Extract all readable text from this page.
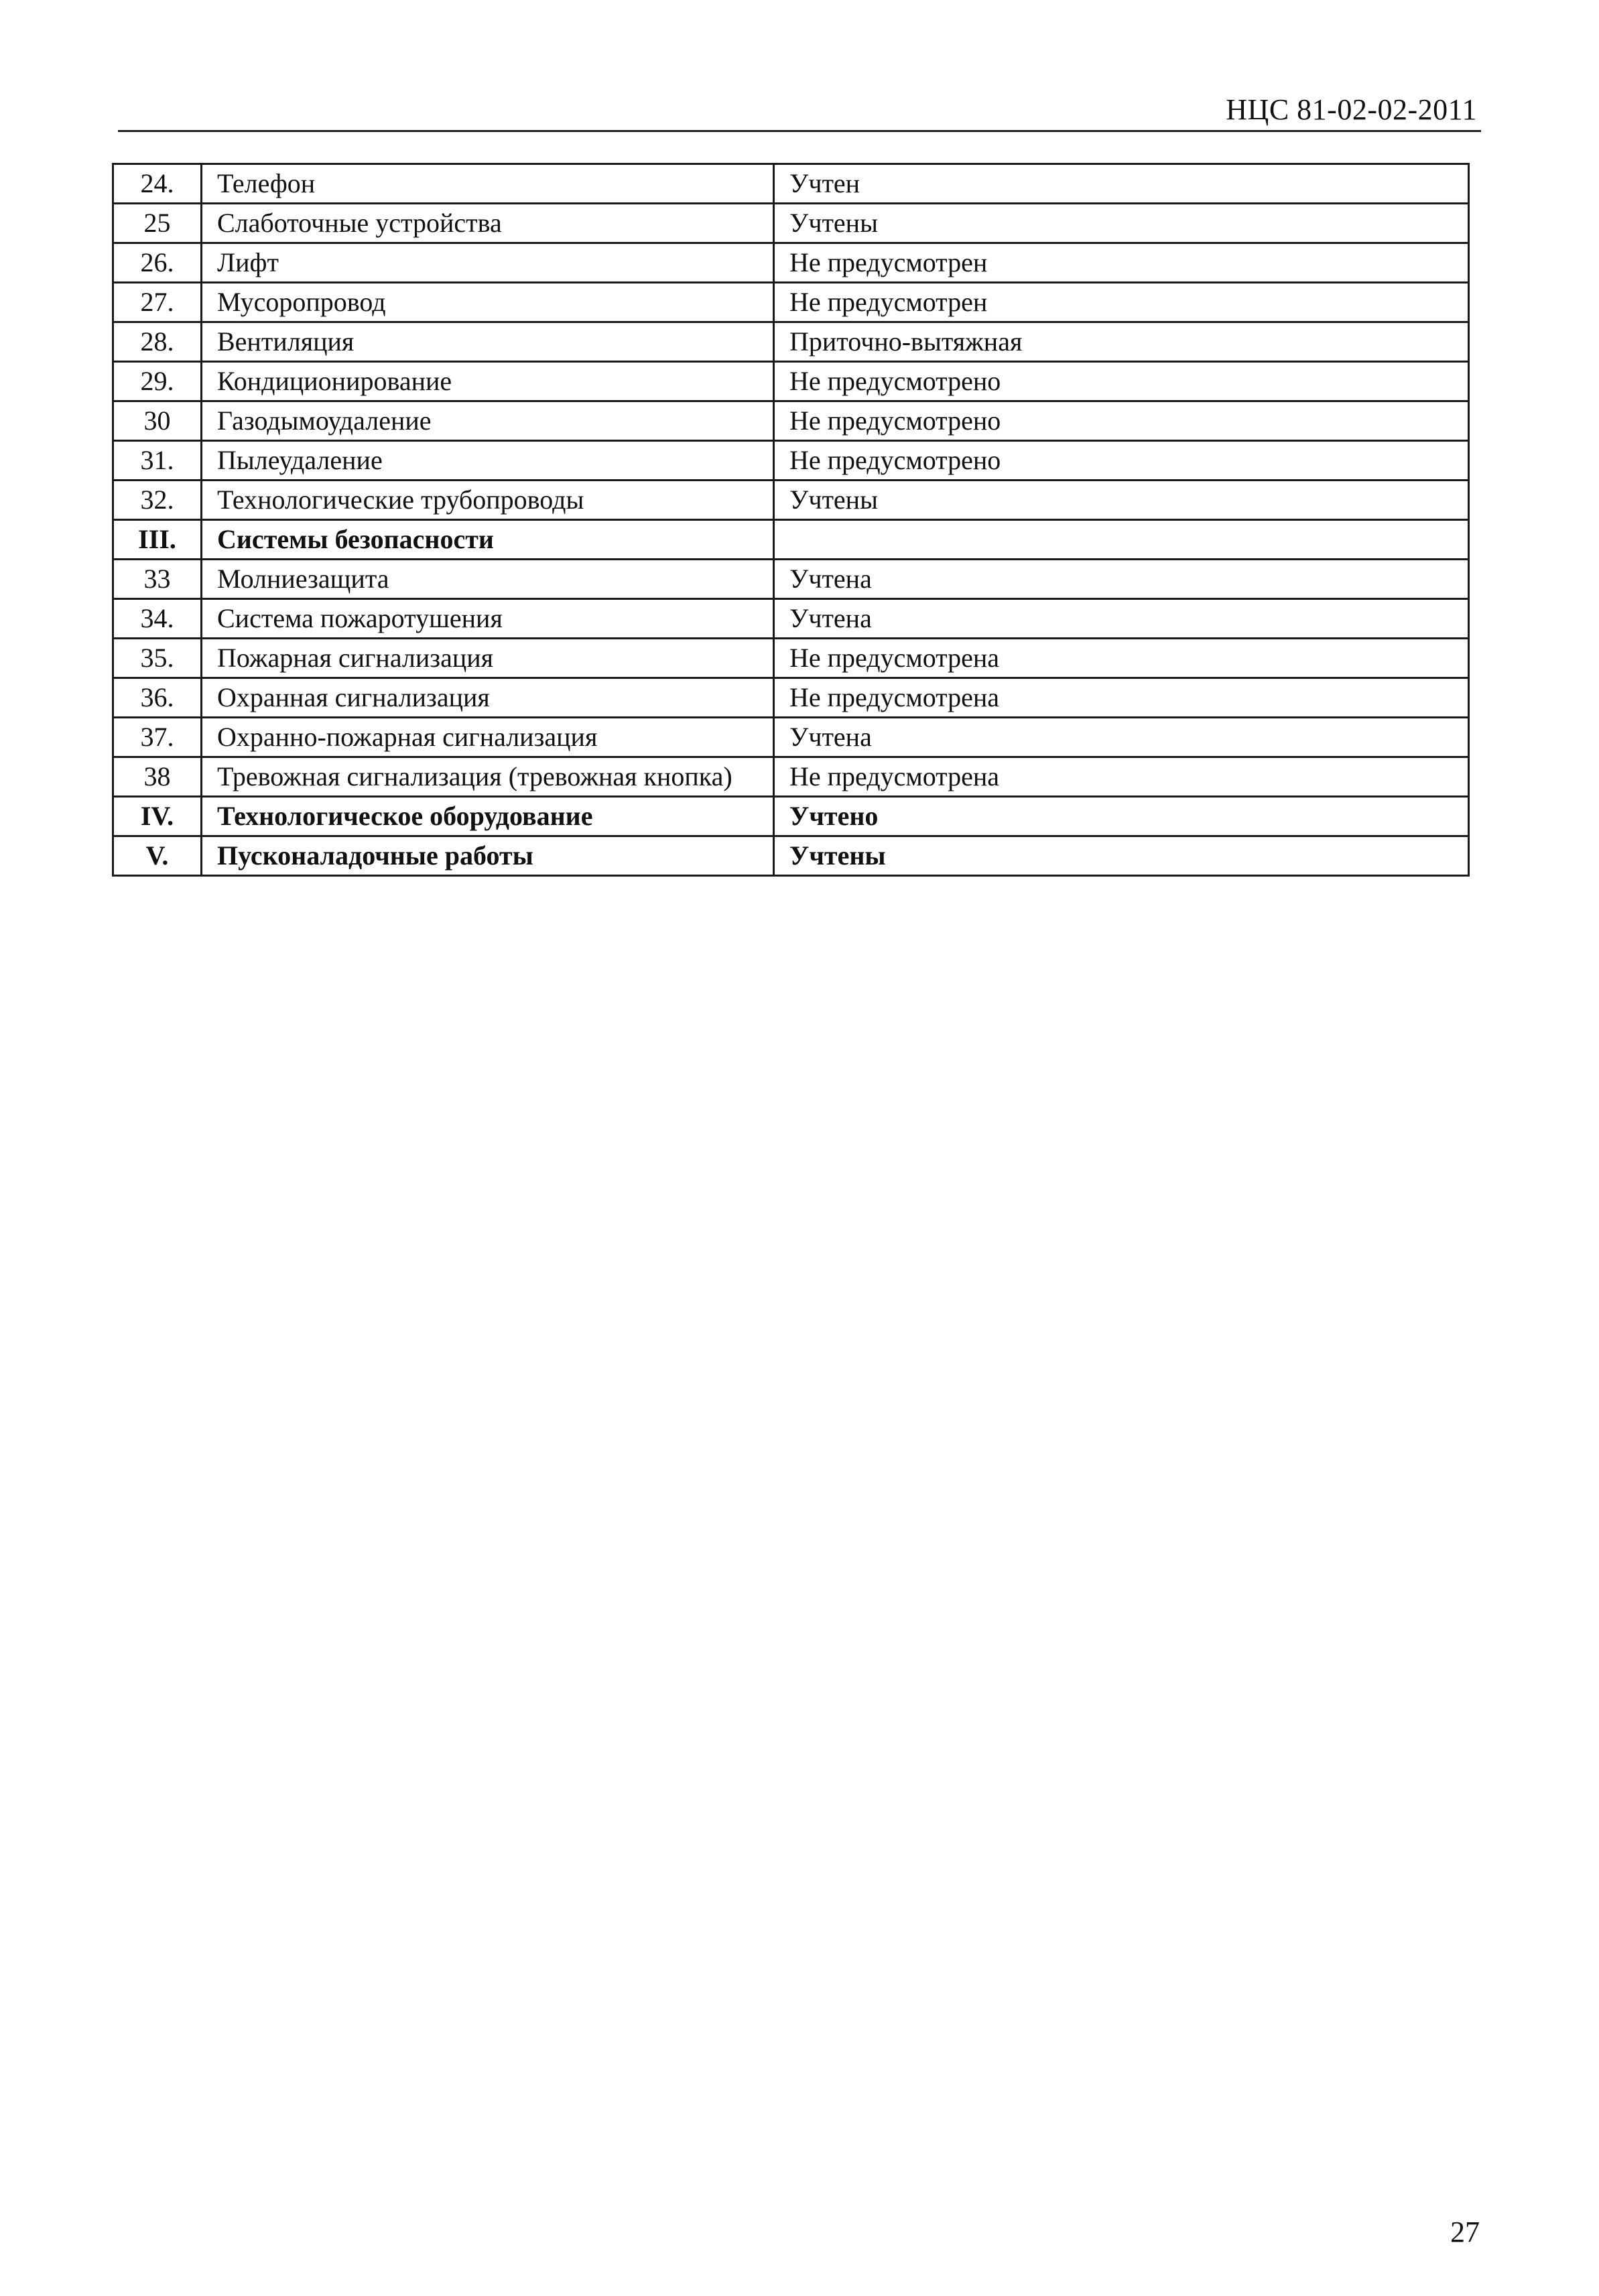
НЦС 81-02-02-2011
24.	Телефон	Учтен
25	Слаботочные устройства	Учтены
26.	Лифт	Не предусмотрен
27.	Мусоропровод	Не предусмотрен
28.	Вентиляция	Приточно-вытяжная
29.	Кондиционирование	Не предусмотрено
30	Газодымоудаление	Не предусмотрено
31.	Пылеудаление	Не предусмотрено
32.	Технологические трубопроводы	Учтены
III.	Системы безопасности	
33	Молниезащита	Учтена
34.	Система пожаротушения	Учтена
35.	Пожарная сигнализация	Не предусмотрена
36.	Охранная сигнализация	Не предусмотрена
37.	Охранно-пожарная сигнализация	Учтена
38	Тревожная сигнализация (тревожная кнопка)	Не предусмотрена
IV.	Технологическое оборудование	Учтено
V.	Пусконаладочные работы	Учтены
27
